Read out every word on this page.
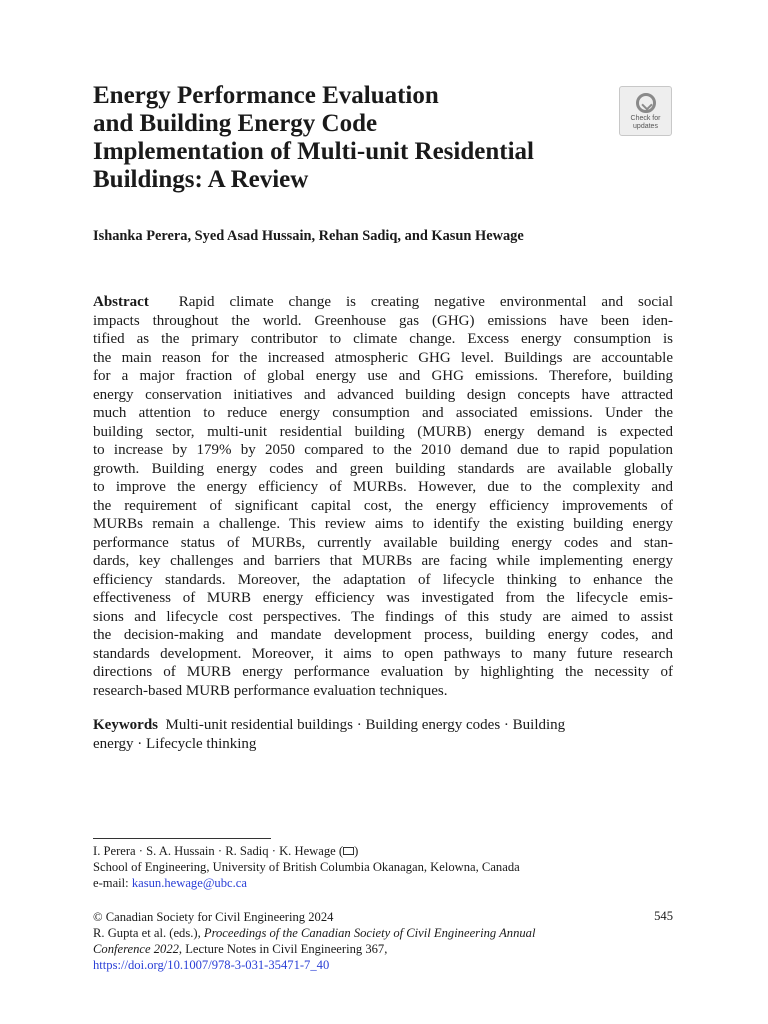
Energy Performance Evaluation
and Building Energy Code
Implementation of Multi-unit Residential
Buildings: A Review
Check for
updates
Ishanka Perera, Syed Asad Hussain, Rehan Sadiq, and Kasun Hewage
Abstract Rapid climate change is creating negative environmental and social
impacts throughout the world. Greenhouse gas (GHG) emissions have been iden-
tified as the primary contributor to climate change. Excess energy consumption is
the main reason for the increased atmospheric GHG level. Buildings are accountable
for a major fraction of global energy use and GHG emissions. Therefore, building
energy conservation initiatives and advanced building design concepts have attracted
much attention to reduce energy consumption and associated emissions. Under the
building sector, multi-unit residential building (MURB) energy demand is expected
to increase by 179% by 2050 compared to the 2010 demand due to rapid population
growth. Building energy codes and green building standards are available globally
to improve the energy efficiency of MURBs. However, due to the complexity and
the requirement of significant capital cost, the energy efficiency improvements of
MURBs remain a challenge. This review aims to identify the existing building energy
performance status of MURBs, currently available building energy codes and stan-
dards, key challenges and barriers that MURBs are facing while implementing energy
efficiency standards. Moreover, the adaptation of lifecycle thinking to enhance the
effectiveness of MURB energy efficiency was investigated from the lifecycle emis-
sions and lifecycle cost perspectives. The findings of this study are aimed to assist
the decision-making and mandate development process, building energy codes, and
standards development. Moreover, it aims to open pathways to many future research
directions of MURB energy performance evaluation by highlighting the necessity of
research-based MURB performance evaluation techniques.
Keywords Multi-unit residential buildings · Building energy codes · Building
energy · Lifecycle thinking
I. Perera · S. A. Hussain · R. Sadiq · K. Hewage ( )
School of Engineering, University of British Columbia Okanagan, Kelowna, Canada
e-mail: kasun.hewage@ubc.ca
© Canadian Society for Civil Engineering 2024	545
R. Gupta et al. (eds.), Proceedings of the Canadian Society of Civil Engineering Annual
Conference 2022, Lecture Notes in Civil Engineering 367,
https://doi.org/10.1007/978-3-031-35471-7_40
